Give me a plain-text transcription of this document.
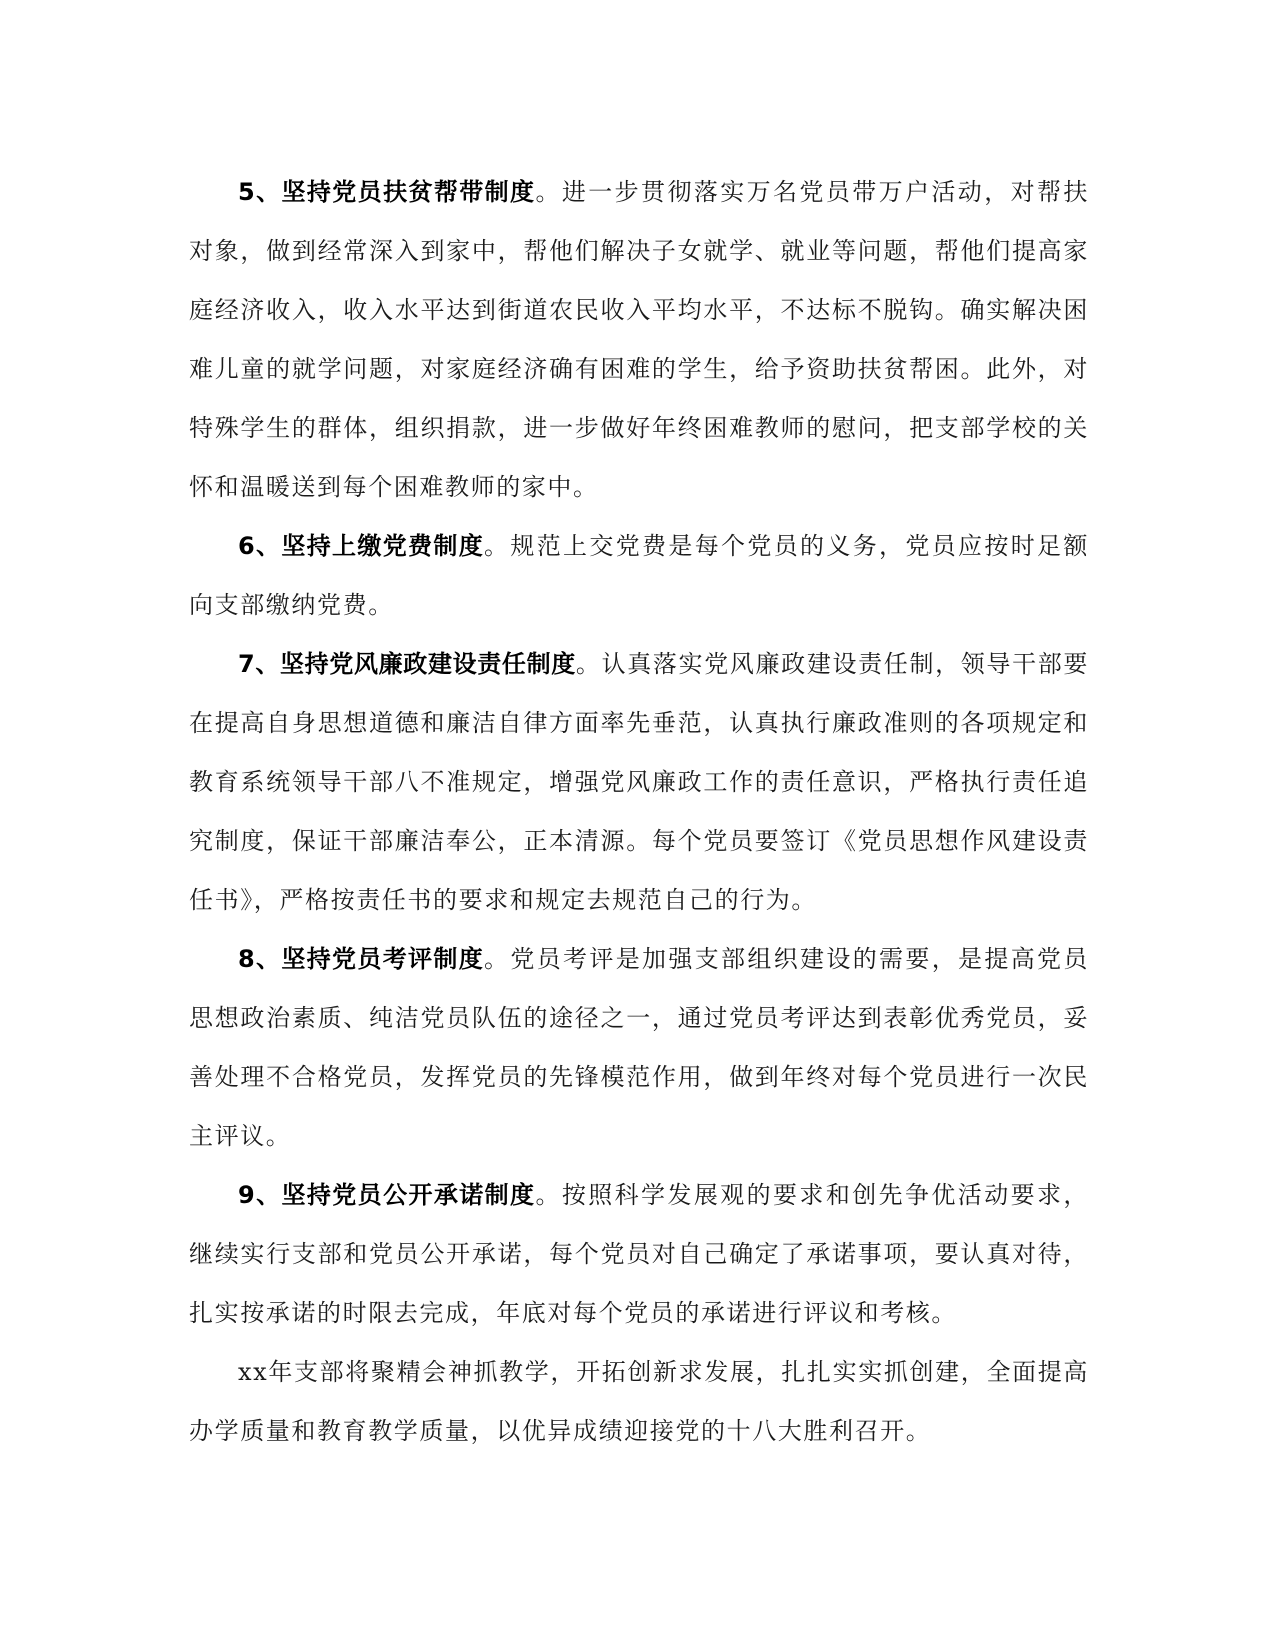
5、坚持党员扶贫帮带制度。进一步贯彻落实万名党员带万户活动，对帮扶对象，做到经常深入到家中，帮他们解决子女就学、就业等问题，帮他们提高家庭经济收入，收入水平达到街道农民收入平均水平，不达标不脱钩。确实解决困难儿童的就学问题，对家庭经济确有困难的学生，给予资助扶贫帮困。此外，对特殊学生的群体，组织捐款，进一步做好年终困难教师的慰问，把支部学校的关怀和温暖送到每个困难教师的家中。

6、坚持上缴党费制度。规范上交党费是每个党员的义务，党员应按时足额向支部缴纳党费。

7、坚持党风廉政建设责任制度。认真落实党风廉政建设责任制，领导干部要在提高自身思想道德和廉洁自律方面率先垂范，认真执行廉政准则的各项规定和教育系统领导干部八不准规定，增强党风廉政工作的责任意识，严格执行责任追究制度，保证干部廉洁奉公，正本清源。每个党员要签订《党员思想作风建设责任书》，严格按责任书的要求和规定去规范自己的行为。

8、坚持党员考评制度。党员考评是加强支部组织建设的需要，是提高党员思想政治素质、纯洁党员队伍的途径之一，通过党员考评达到表彰优秀党员，妥善处理不合格党员，发挥党员的先锋模范作用，做到年终对每个党员进行一次民主评议。

9、坚持党员公开承诺制度。按照科学发展观的要求和创先争优活动要求，继续实行支部和党员公开承诺，每个党员对自己确定了承诺事项，要认真对待，扎实按承诺的时限去完成，年底对每个党员的承诺进行评议和考核。

xx年支部将聚精会神抓教学，开拓创新求发展，扎扎实实抓创建，全面提高办学质量和教育教学质量，以优异成绩迎接党的十八大胜利召开。
